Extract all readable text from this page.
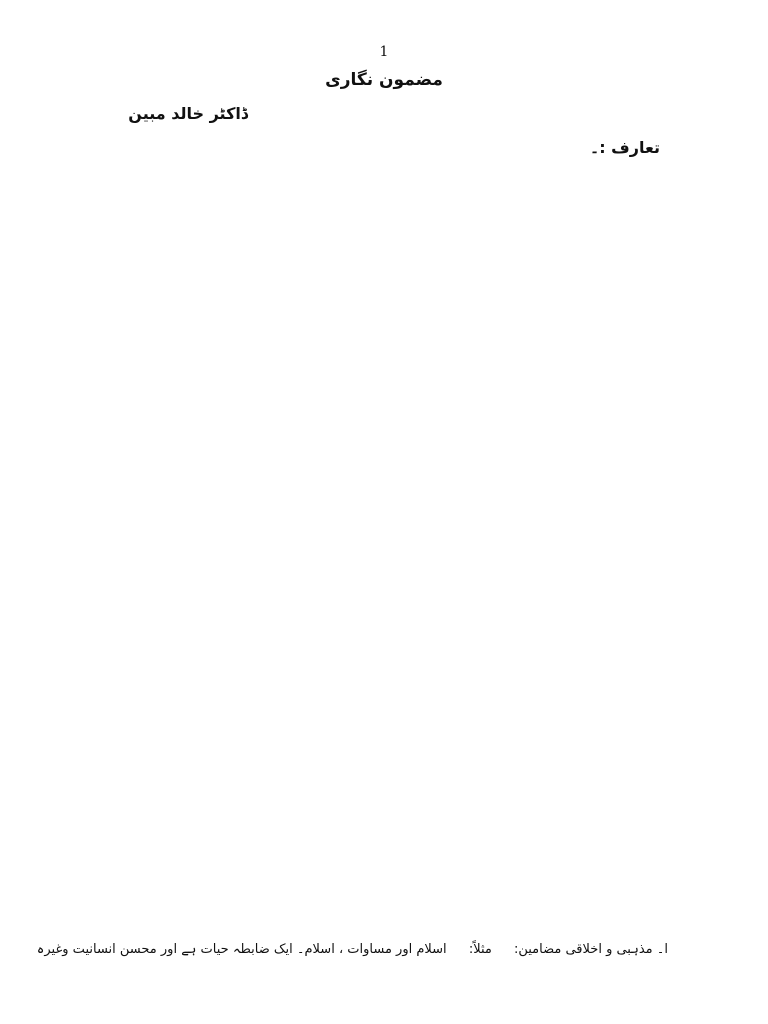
1
مضمون نگاری
ڈاکٹر خالد مبین
تعارف :۔
ا۔ مذہبی و اخلاقی مضامین: مثلاً: اسلام اور مساوات ، اسلام۔ ایک ضابطہ حیات ہے اور محسن انسانیت وغیرہ
